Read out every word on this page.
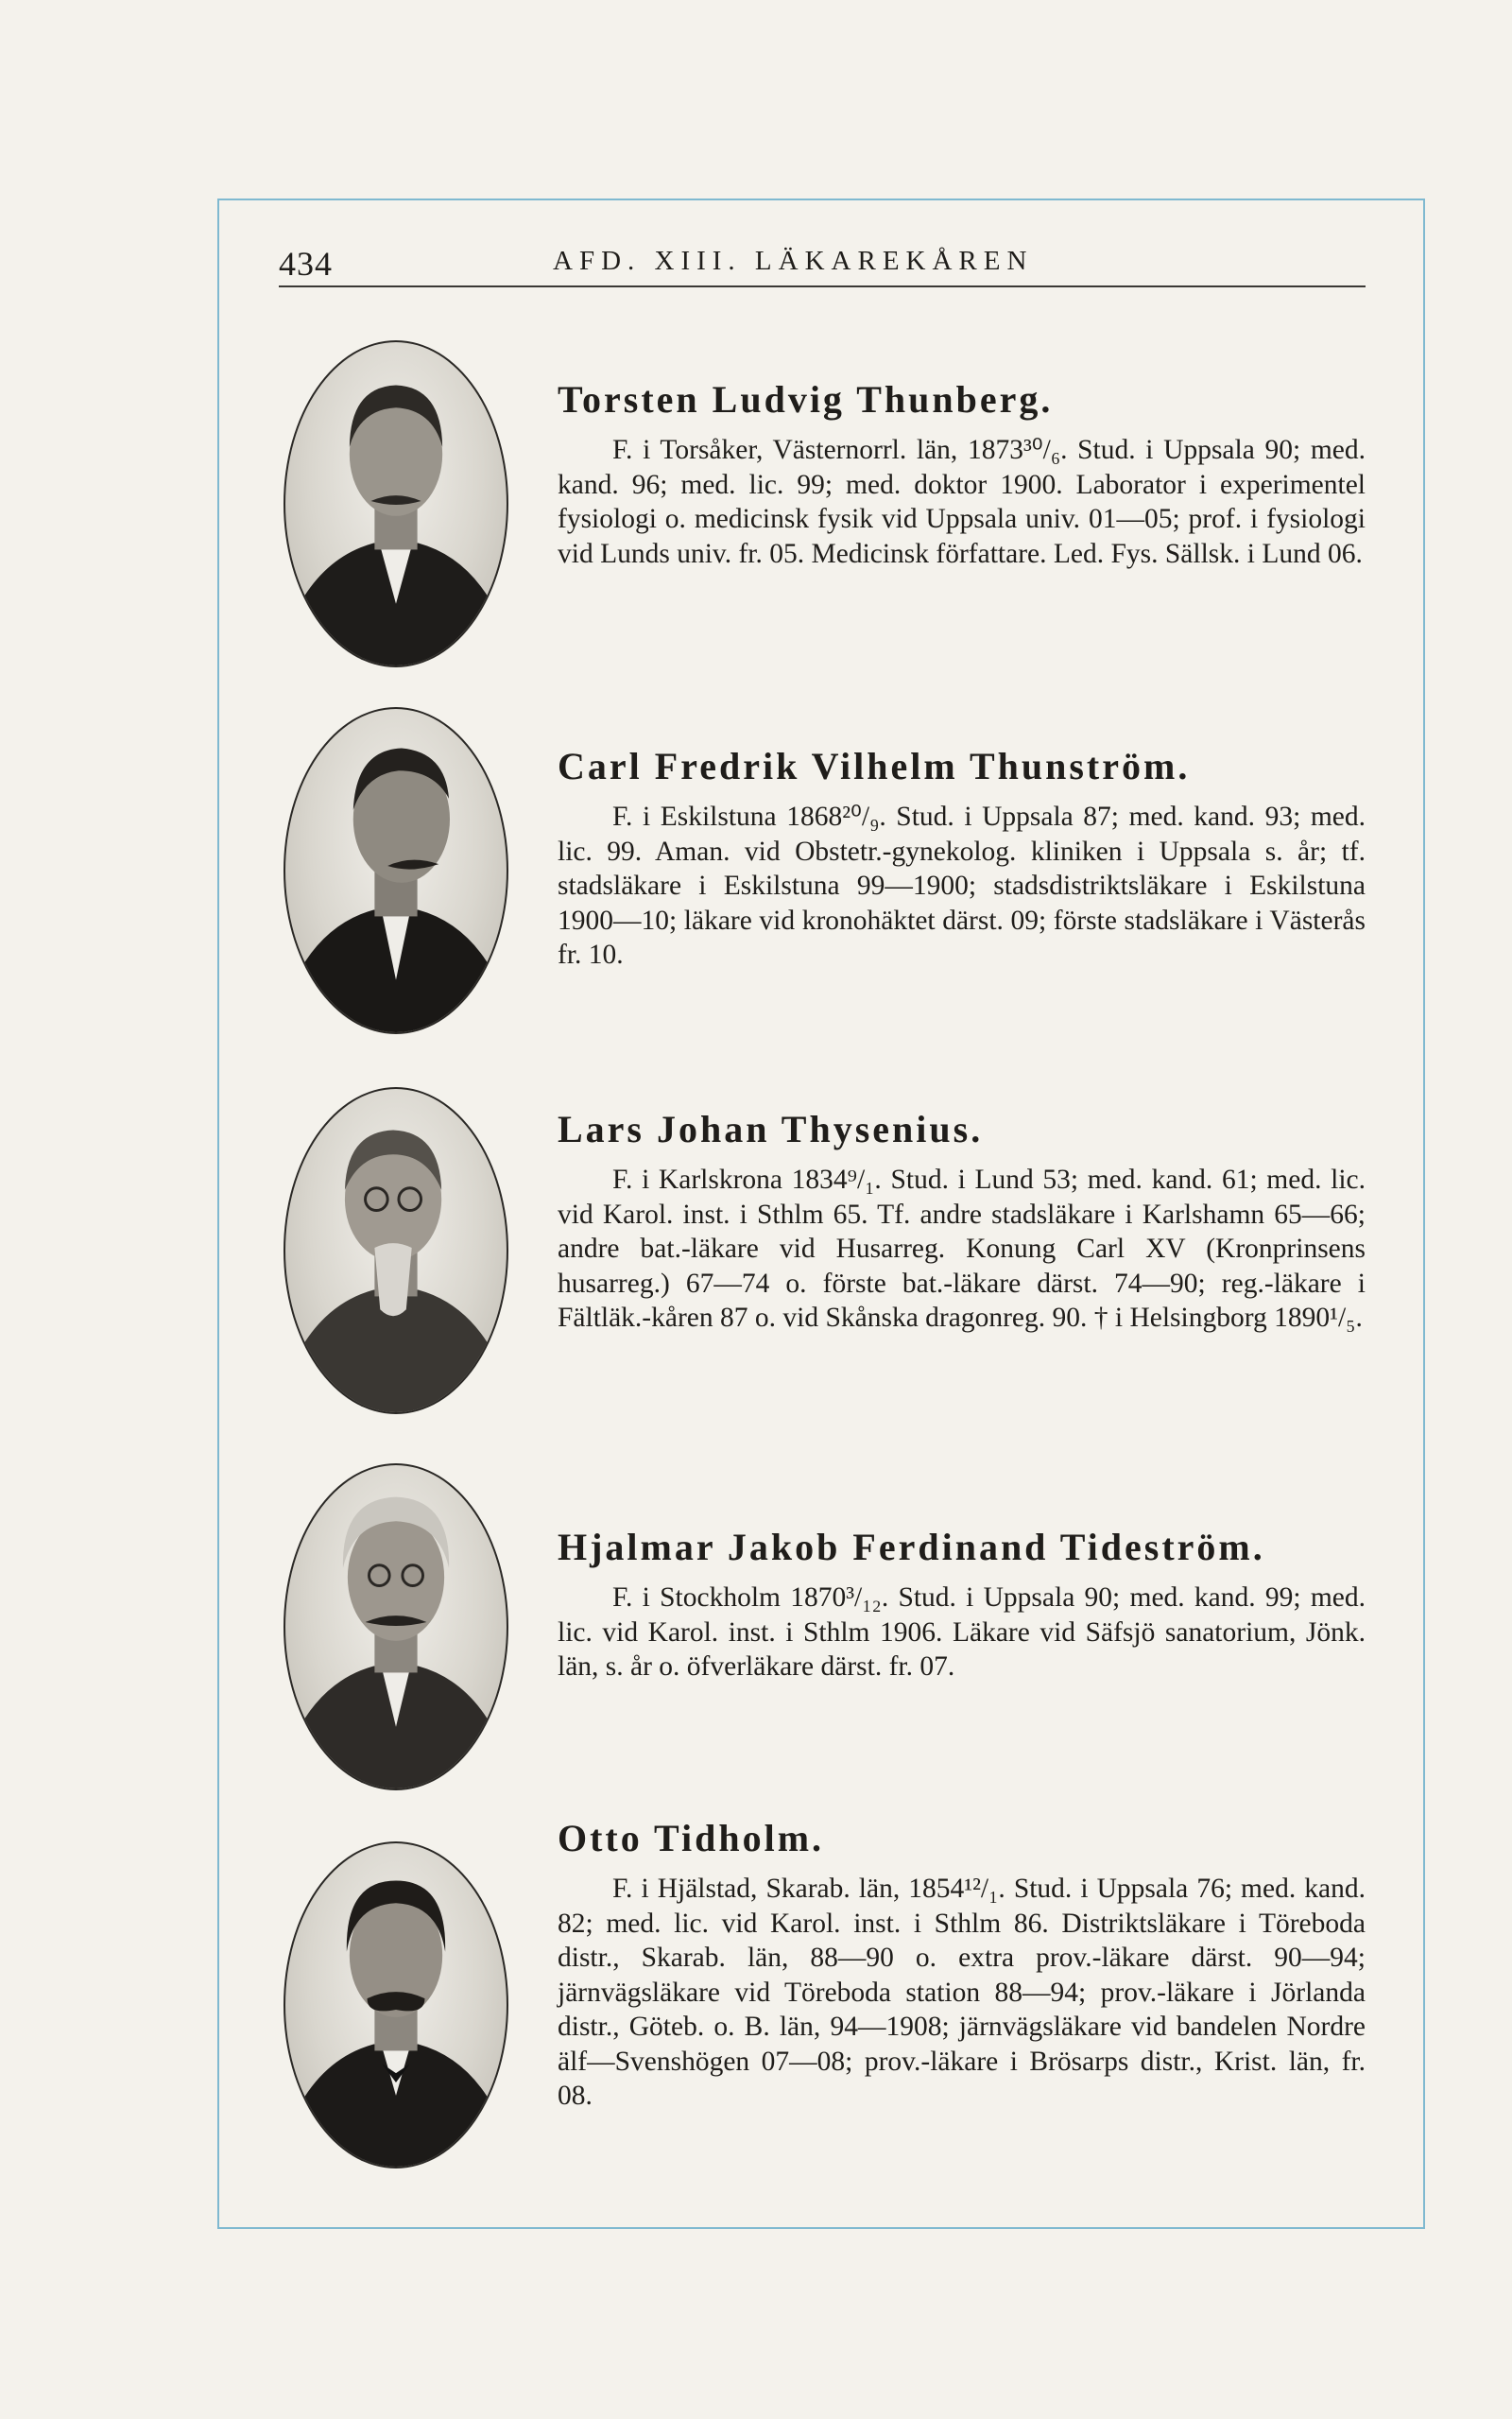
434	AFD. XIII. LÄKAREKÅREN
Torsten Ludvig Thunberg.

F. i Torsåker, Västernorrl. län, 1873³⁰/₆. Stud. i Uppsala 90; med. kand. 96; med. lic. 99; med. doktor 1900. Laborator i experimentel fysiologi o. medicinsk fysik vid Uppsala univ. 01—05; prof. i fysiologi vid Lunds univ. fr. 05. Medicinsk författare. Led. Fys. Sällsk. i Lund 06.

Carl Fredrik Vilhelm Thunström.

F. i Eskilstuna 1868²⁰/₉. Stud. i Uppsala 87; med. kand. 93; med. lic. 99. Aman. vid Obstetr.-gynekolog. kliniken i Uppsala s. år; tf. stadsläkare i Eskilstuna 99—1900; stadsdistriktsläkare i Eskilstuna 1900—10; läkare vid kronohäktet därst. 09; förste stadsläkare i Västerås fr. 10.

Lars Johan Thysenius.

F. i Karlskrona 1834⁹/₁. Stud. i Lund 53; med. kand. 61; med. lic. vid Karol. inst. i Sthlm 65. Tf. andre stadsläkare i Karlshamn 65—66; andre bat.-läkare vid Husarreg. Konung Carl XV (Kronprinsens husarreg.) 67—74 o. förste bat.-läkare därst. 74—90; reg.-läkare i Fältläk.-kåren 87 o. vid Skånska dragonreg. 90. † i Helsingborg 1890¹/₅.

Hjalmar Jakob Ferdinand Tideström.

F. i Stockholm 1870³/₁₂. Stud. i Uppsala 90; med. kand. 99; med. lic. vid Karol. inst. i Sthlm 1906. Läkare vid Säfsjö sanatorium, Jönk. län, s. år o. öfverläkare därst. fr. 07.

Otto Tidholm.

F. i Hjälstad, Skarab. län, 1854¹²/₁. Stud. i Uppsala 76; med. kand. 82; med. lic. vid Karol. inst. i Sthlm 86. Distriktsläkare i Töreboda distr., Skarab. län, 88—90 o. extra prov.-läkare därst. 90—94; järnvägsläkare vid Töreboda station 88—94; prov.-läkare i Jörlanda distr., Göteb. o. B. län, 94—1908; järnvägsläkare vid bandelen Nordre älf—Svenshögen 07—08; prov.-läkare i Brösarps distr., Krist. län, fr. 08.
